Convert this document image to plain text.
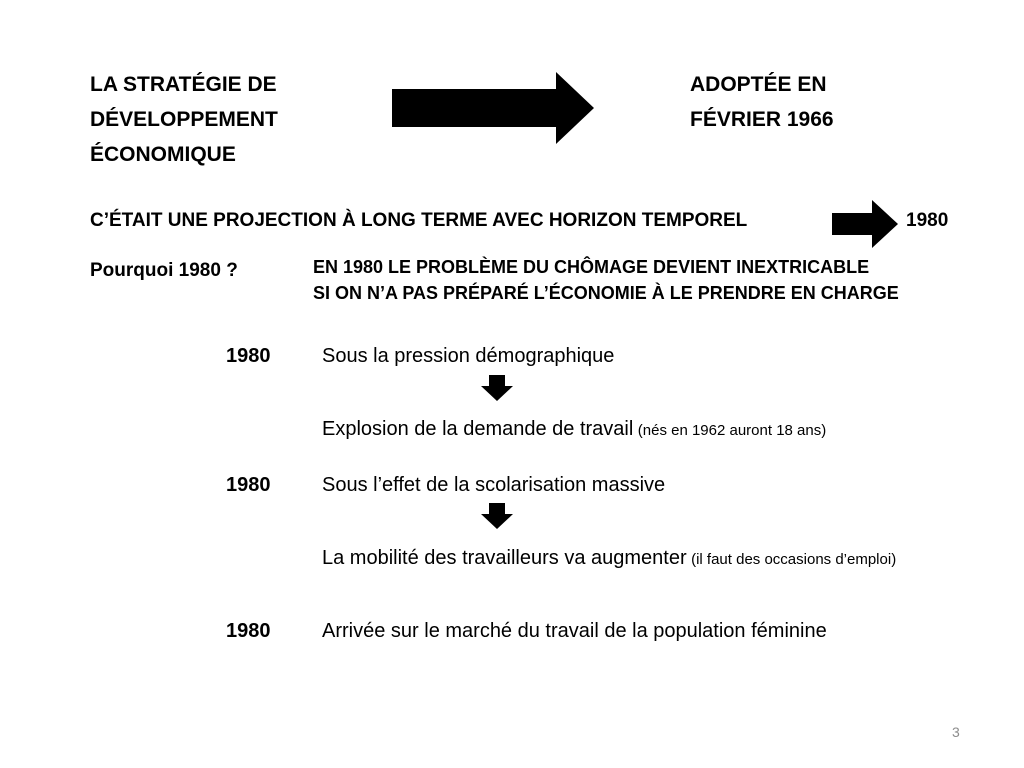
LA STRATÉGIE DE
DÉVELOPPEMENT
ÉCONOMIQUE
ADOPTÉE EN
FÉVRIER 1966
C’ÉTAIT UNE PROJECTION À LONG TERME AVEC HORIZON TEMPOREL	1980
Pourquoi 1980 ?	EN 1980 LE PROBLÈME DU CHÔMAGE DEVIENT INEXTRICABLE
SI ON N’A PAS PRÉPARÉ L’ÉCONOMIE À LE PRENDRE EN CHARGE
1980	Sous la pression démographique
Explosion de la demande de travail (nés en 1962 auront 18 ans)
1980	Sous l’effet de la scolarisation massive
La mobilité des travailleurs va augmenter (il faut des occasions d’emploi)
1980	Arrivée sur le marché du travail de la population féminine
3
